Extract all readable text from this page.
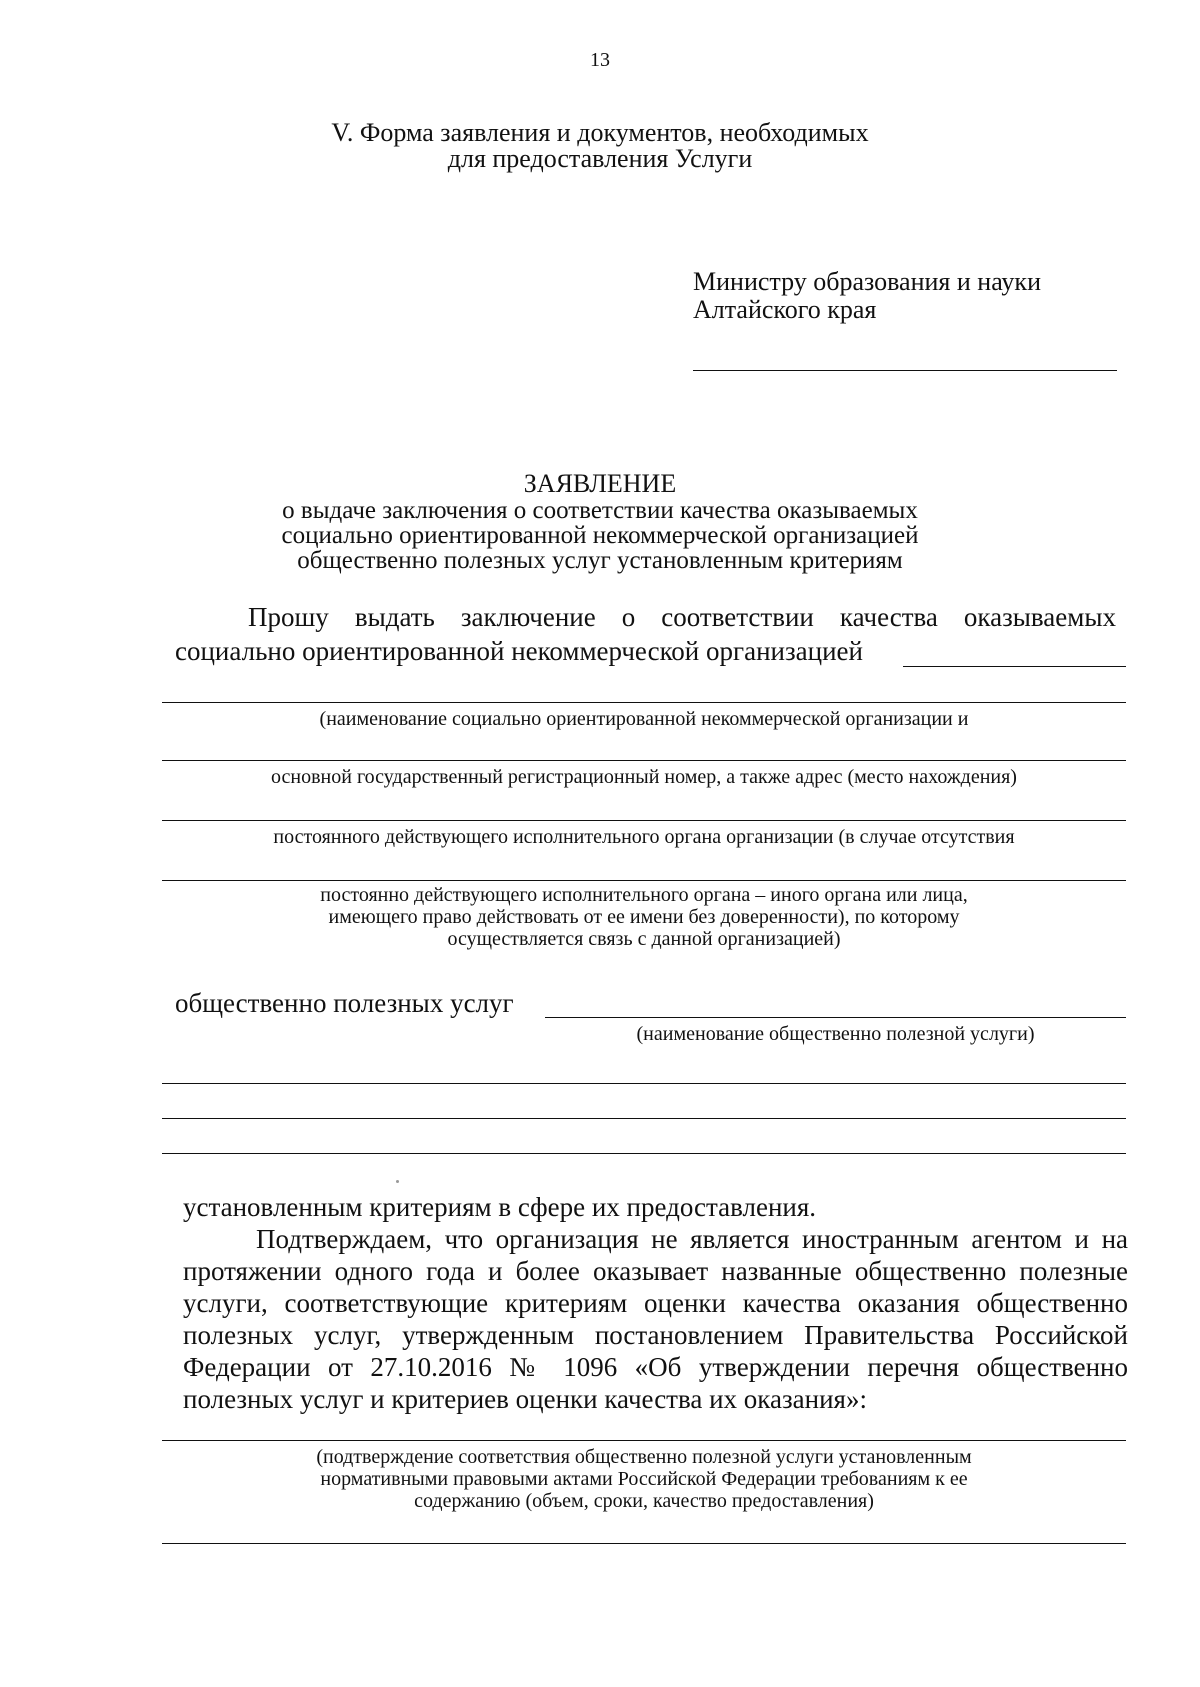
13
V. Форма заявления и документов, необходимых
для предоставления Услуги
Министру образования и науки
Алтайского края
ЗАЯВЛЕНИЕ
о выдаче заключения о соответствии качества оказываемых
социально ориентированной некоммерческой организацией
общественно полезных услуг установленным критериям
Прошу выдать заключение о соответствии качества оказываемых
социально ориентированной некоммерческой организацией
(наименование социально ориентированной некоммерческой организации и
основной государственный регистрационный номер, а также адрес (место нахождения)
постоянного действующего исполнительного органа организации (в случае отсутствия
постоянно действующего исполнительного органа – иного органа или лица,
имеющего право действовать от ее имени без доверенности), по которому
осуществляется связь с данной организацией)
общественно полезных услуг
(наименование общественно полезной услуги)
установленным критериям в сфере их предоставления.
Подтверждаем, что организация не является иностранным агентом и на
протяжении одного года и более оказывает названные общественно полезные
услуги, соответствующие критериям оценки качества оказания общественно
полезных услуг, утвержденным постановлением Правительства Российской
Федерации от 27.10.2016 № 1096 «Об утверждении перечня общественно
полезных услуг и критериев оценки качества их оказания»:
(подтверждение соответствия общественно полезной услуги установленным
нормативными правовыми актами Российской Федерации требованиям к ее
содержанию (объем, сроки, качество предоставления)
